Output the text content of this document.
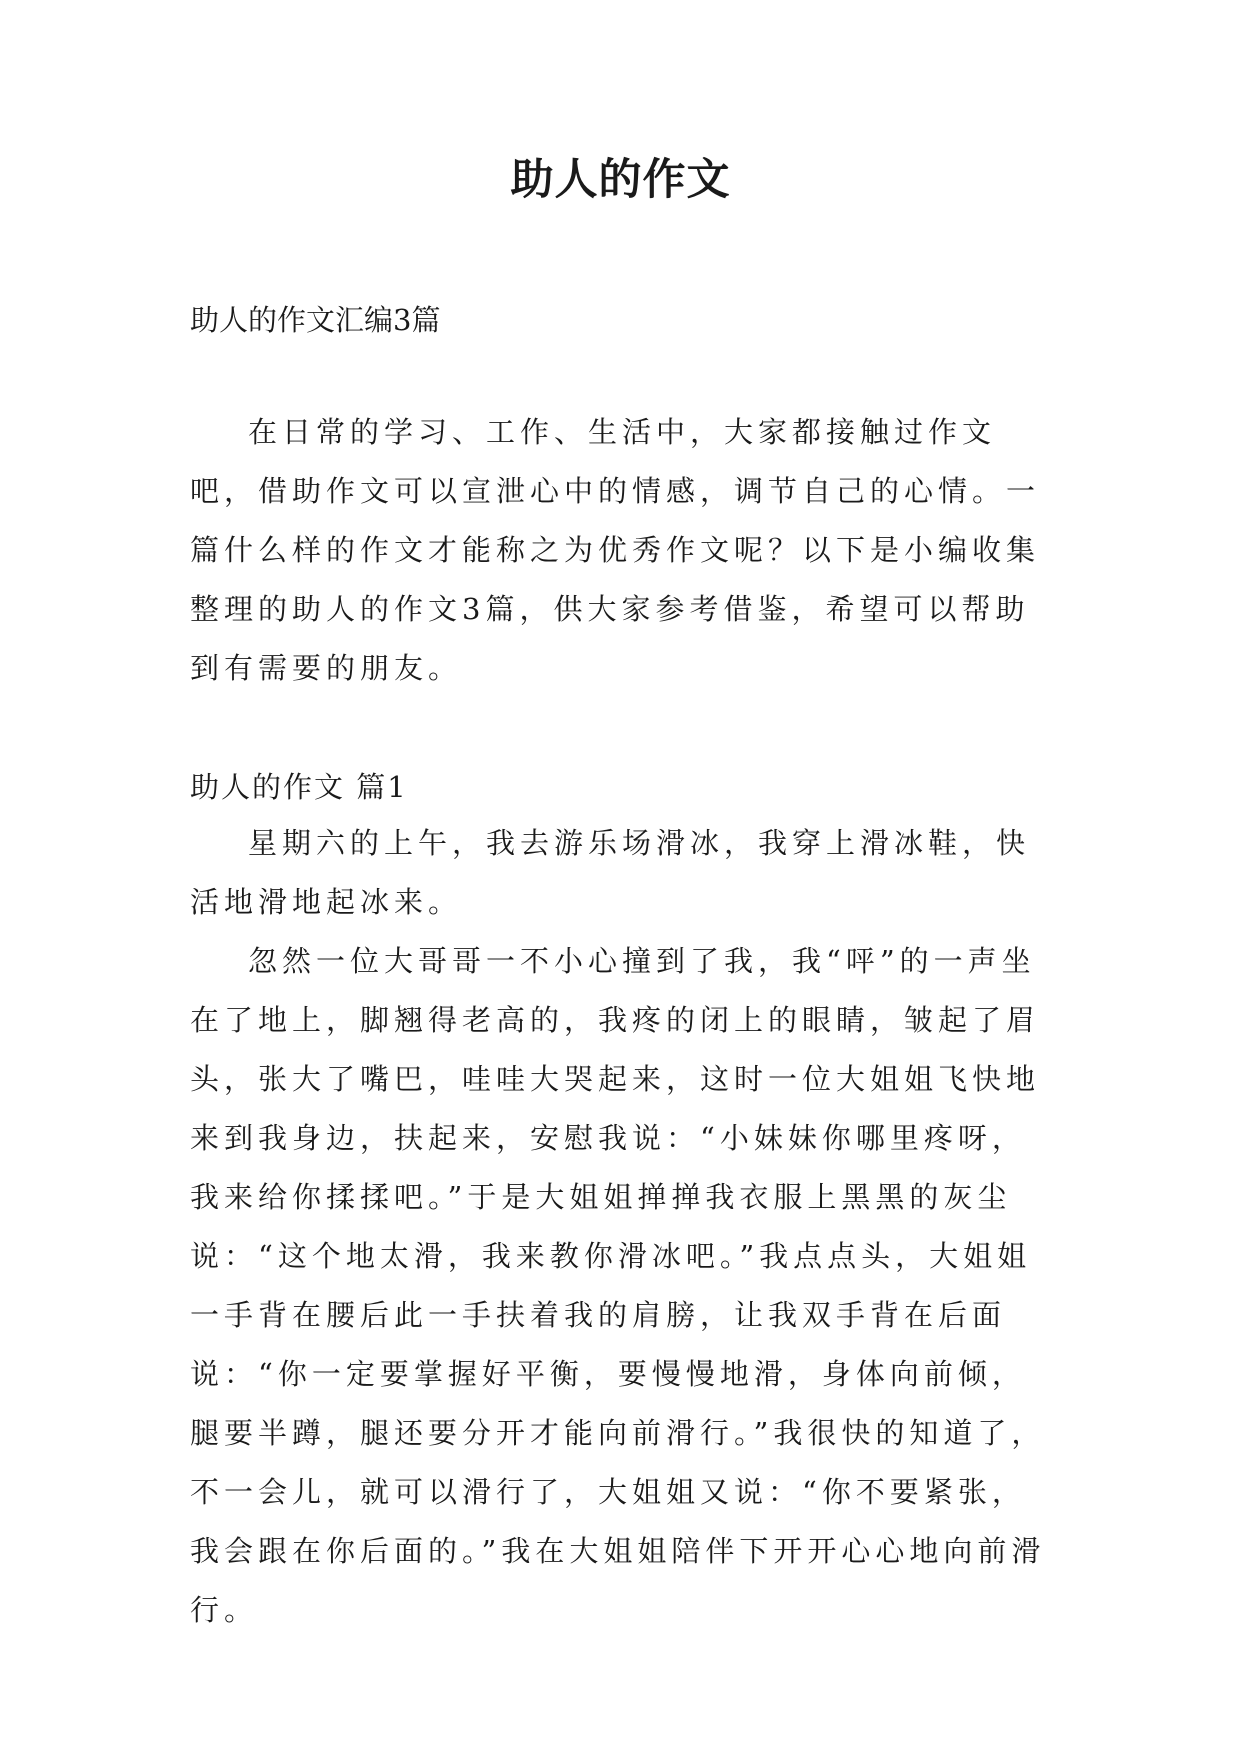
助人的作文
助人的作文汇编3篇

在日常的学习、工作、生活中，大家都接触过作文吧，借助作文可以宣泄心中的情感，调节自己的心情。一篇什么样的作文才能称之为优秀作文呢？以下是小编收集整理的助人的作文3篇，供大家参考借鉴，希望可以帮助到有需要的朋友。

助人的作文 篇1

星期六的上午，我去游乐场滑冰，我穿上滑冰鞋，快活地滑地起冰来。

忽然一位大哥哥一不小心撞到了我，我“呯”的一声坐在了地上，脚翘得老高的，我疼的闭上的眼睛，皱起了眉头，张大了嘴巴，哇哇大哭起来，这时一位大姐姐飞快地来到我身边，扶起来，安慰我说：“小妹妹你哪里疼呀，我来给你揉揉吧。”于是大姐姐掸掸我衣服上黑黑的灰尘说：“这个地太滑，我来教你滑冰吧。”我点点头，大姐姐一手背在腰后此一手扶着我的肩膀，让我双手背在后面说：“你一定要掌握好平衡，要慢慢地滑，身体向前倾，腿要半蹲，腿还要分开才能向前滑行。”我很快的知道了，不一会儿，就可以滑行了，大姐姐又说：“你不要紧张，我会跟在你后面的。”我在大姐姐陪伴下开开心心地向前滑行。
